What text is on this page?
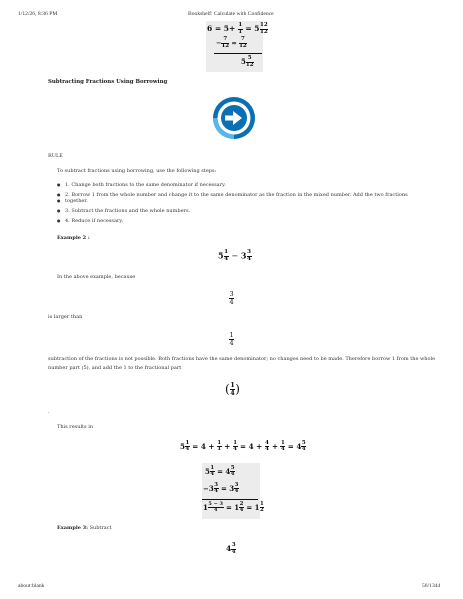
1/12/26, 8:36 PM	Bookshelf: Calculate with Confidence
about:blank	56/1344
$6 = 5+ \frac{1}{1} = 5 \frac{12}{12}$
− $\frac{7}{12} = \frac{7}{12}$
$5 \frac{5}{12}$
Subtracting Fractions Using Borrowing
RULE
To subtract fractions using borrowing, use the following steps:
● 1. Change both fractions to the same denominator if necessary.
● 2. Borrow 1 from the whole number and change it to the same denominator as the fraction in the mixed number. Add the two fractions
● together.
● 3. Subtract the fractions and the whole numbers.
● 4. Reduce if necessary.
Example 2 :
$5 \frac{1}{4} - 3 \frac{3}{4}$
In the above example, because
$\frac{3}{4}$
is larger than
$\frac{1}{4}$
subtraction of the fractions is not possible. Both fractions have the same denominator; no changes need to be made. Therefore borrow 1 from the whole
number part (5), and add the 1 to the fractional part
( $\frac{1}{4}$ )
.
This results in
$5 \frac{1}{4} = 4 + \frac{1}{1} + \frac{1}{4} = 4 + \frac{4}{4} + \frac{1}{4} = 4 \frac{5}{4}$
$5 \frac{1}{4} = 4 \frac{5}{4}$
$-3 \frac{3}{4} = 3 \frac{3}{4}$
$1 \frac{5 - 3}{4} = 1 \frac{2}{4} = 1 \frac{1}{2}$
Example 3: Subtract
$4 \frac{3}{4}$
